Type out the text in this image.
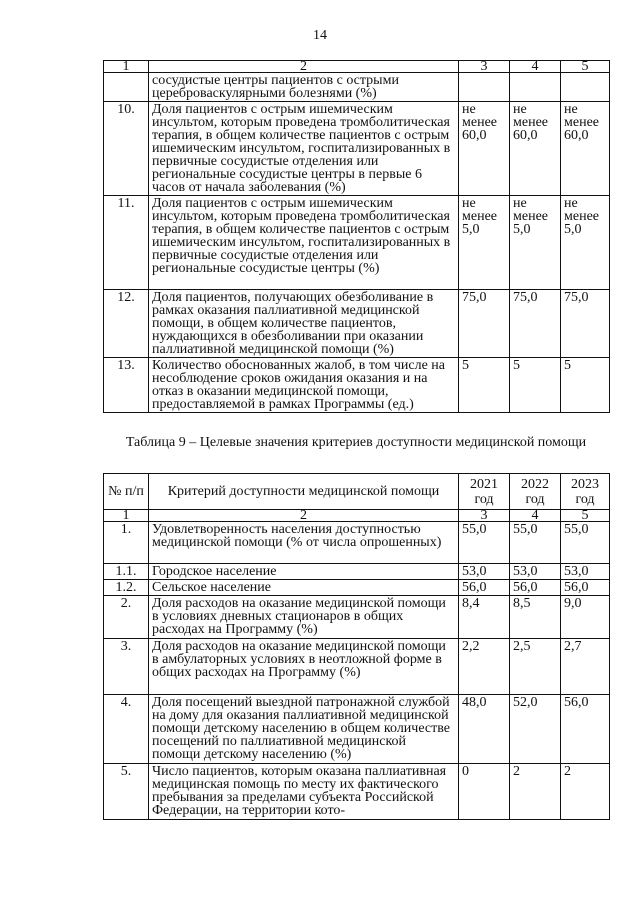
14
1	2	3	4	5
	сосудистые центры пациентов с острыми цереброваскулярными болезнями (%)			
10.	Доля пациентов с острым ишемическим инсультом, которым проведена тромболитическая терапия, в общем количестве пациентов с острым ишемическим инсультом, госпитализированных в первичные сосудистые отделения или региональные сосудистые центры в первые 6 часов от начала заболевания (%)	не менее 60,0	не менее 60,0	не менее 60,0
11.	Доля пациентов с острым ишемическим инсультом, которым проведена тромболитическая терапия, в общем количестве пациентов с острым ишемическим инсультом, госпитализированных в первичные сосудистые отделения или региональные сосудистые центры (%)	не менее 5,0	не менее 5,0	не менее 5,0
12.	Доля пациентов, получающих обезболивание в рамках оказания паллиативной медицинской помощи, в общем количестве пациентов, нуждающихся в обезболивании при оказании паллиативной медицинской помощи (%)	75,0	75,0	75,0
13.	Количество обоснованных жалоб, в том числе на несоблюдение сроков ожидания оказания и на отказ в оказании медицинской помощи, предоставляемой в рамках Программы (ед.)	5	5	5
Таблица 9 – Целевые значения критериев доступности медицинской помощи
№ п/п	Критерий доступности медицинской помощи	2021 год	2022 год	2023 год
1	2	3	4	5
1.	Удовлетворенность населения доступностью медицинской помощи (% от числа опрошенных)	55,0	55,0	55,0
1.1.	Городское население	53,0	53,0	53,0
1.2.	Сельское население	56,0	56,0	56,0
2.	Доля расходов на оказание медицинской помощи в условиях дневных стационаров в общих расходах на Программу (%)	8,4	8,5	9,0
3.	Доля расходов на оказание медицинской помощи в амбулаторных условиях в неотложной форме в общих расходах на Программу (%)	2,2	2,5	2,7
4.	Доля посещений выездной патронажной службой на дому для оказания паллиативной медицинской помощи детскому населению в общем количестве посещений по паллиативной медицинской помощи детскому населению (%)	48,0	52,0	56,0
5.	Число пациентов, которым оказана паллиативная медицинская помощь по месту их фактического пребывания за пределами субъекта Российской Федерации, на территории кото-	0	2	2
